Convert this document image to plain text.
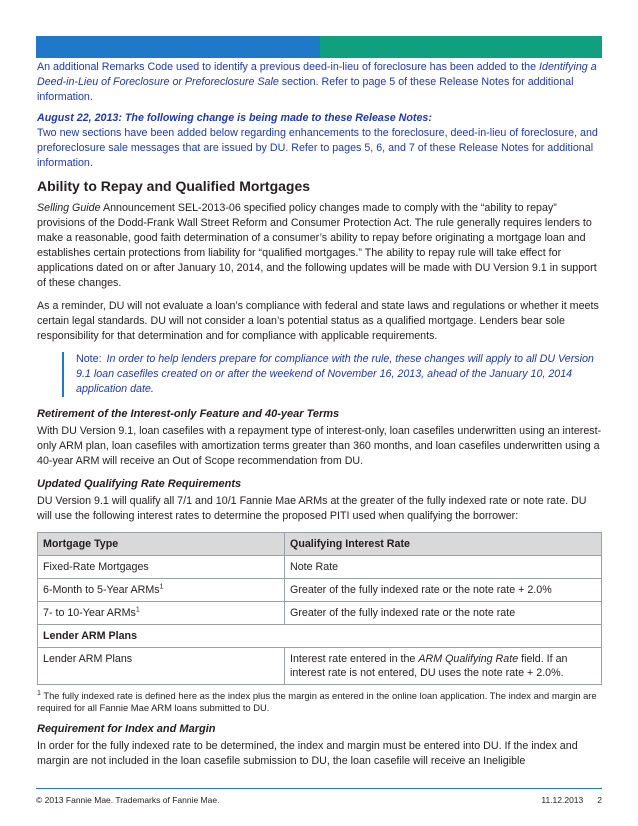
An additional Remarks Code used to identify a previous deed-in-lieu of foreclosure has been added to the Identifying a Deed-in-Lieu of Foreclosure or Preforeclosure Sale section. Refer to page 5 of these Release Notes for additional information.

August 22, 2013: The following change is being made to these Release Notes:

Two new sections have been added below regarding enhancements to the foreclosure, deed-in-lieu of foreclosure, and preforeclosure sale messages that are issued by DU. Refer to pages 5, 6, and 7 of these Release Notes for additional information.

Ability to Repay and Qualified Mortgages

Selling Guide Announcement SEL-2013-06 specified policy changes made to comply with the “ability to repay” provisions of the Dodd-Frank Wall Street Reform and Consumer Protection Act. The rule generally requires lenders to make a reasonable, good faith determination of a consumer’s ability to repay before originating a mortgage loan and establishes certain protections from liability for “qualified mortgages.” The ability to repay rule will take effect for applications dated on or after January 10, 2014, and the following updates will be made with DU Version 9.1 in support of these changes.

As a reminder, DU will not evaluate a loan’s compliance with federal and state laws and regulations or whether it meets certain legal standards. DU will not consider a loan’s potential status as a qualified mortgage. Lenders bear sole responsibility for that determination and for compliance with applicable requirements.

Note: In order to help lenders prepare for compliance with the rule, these changes will apply to all DU Version 9.1 loan casefiles created on or after the weekend of November 16, 2013, ahead of the January 10, 2014 application date.
Retirement of the Interest-only Feature and 40-year Terms

With DU Version 9.1, loan casefiles with a repayment type of interest-only, loan casefiles underwritten using an interest-only ARM plan, loan casefiles with amortization terms greater than 360 months, and loan casefiles underwritten using a 40-year ARM will receive an Out of Scope recommendation from DU.

Updated Qualifying Rate Requirements

DU Version 9.1 will qualify all 7/1 and 10/1 Fannie Mae ARMs at the greater of the fully indexed rate or note rate. DU will use the following interest rates to determine the proposed PITI used when qualifying the borrower:

Mortgage Type	Qualifying Interest Rate
Fixed-Rate Mortgages	Note Rate
6-Month to 5-Year ARMs$^1$	Greater of the fully indexed rate or the note rate + 2.0%
7- to 10-Year ARMs$^1$	Greater of the fully indexed rate or the note rate
Lender ARM Plans	
Lender ARM Plans	Interest rate entered in the ARM Qualifying Rate field. If an interest rate is not entered, DU uses the note rate + 2.0%.

$^1$ The fully indexed rate is defined here as the index plus the margin as entered in the online loan application. The index and margin are required for all Fannie Mae ARM loans submitted to DU.

Requirement for Index and Margin

In order for the fully indexed rate to be determined, the index and margin must be entered into DU. If the index and margin are not included in the loan casefile submission to DU, the loan casefile will receive an Ineligible

© 2013 Fannie Mae. Trademarks of Fannie Mae.	11.12.2013 2
